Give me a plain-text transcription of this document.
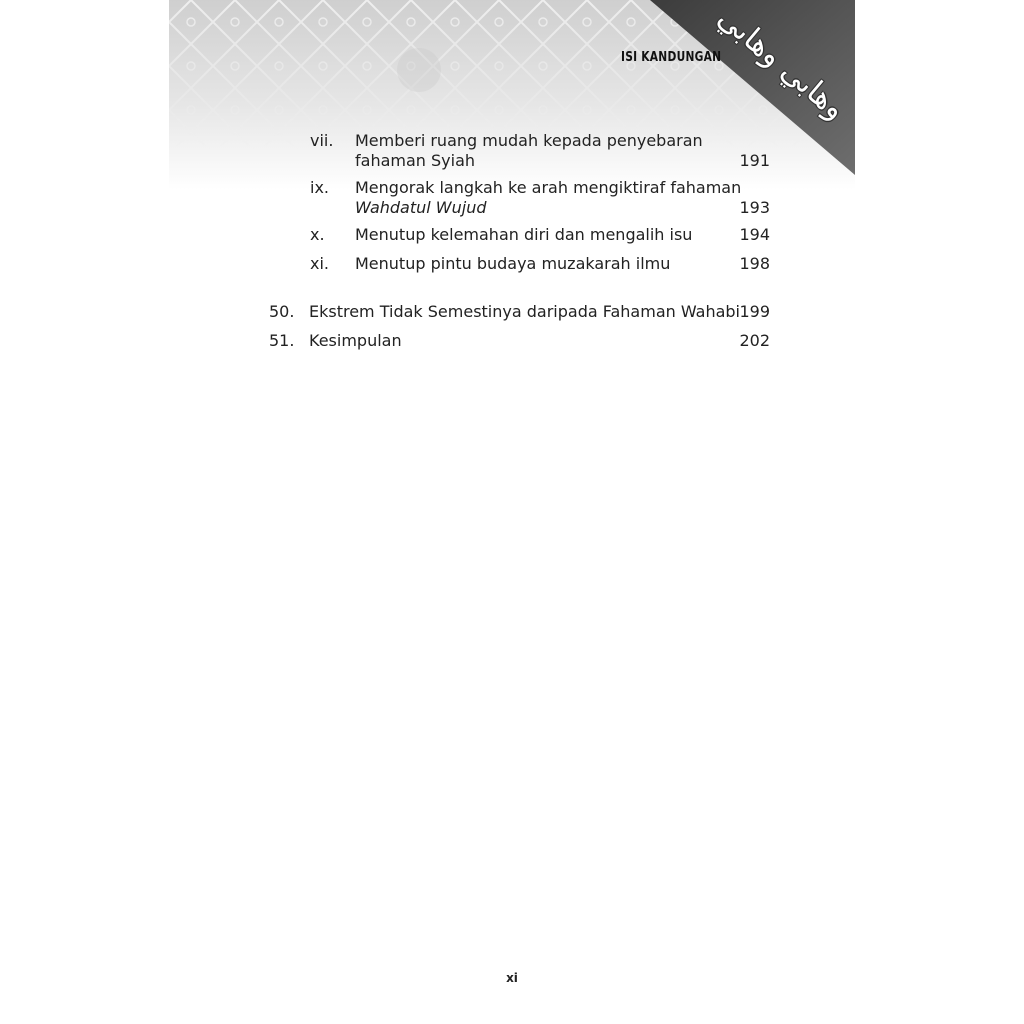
وهابي وهابي
ISI KANDUNGAN
vii. Memberi ruang mudah kepada penyebaran
fahaman Syiah	191
ix. Mengorak langkah ke arah mengiktiraf fahaman
Wahdatul Wujud	193
x. Menutup kelemahan diri dan mengalih isu	194
xi. Menutup pintu budaya muzakarah ilmu	198
50. Ekstrem Tidak Semestinya daripada Fahaman Wahabi 199
51. Kesimpulan	202
xi
